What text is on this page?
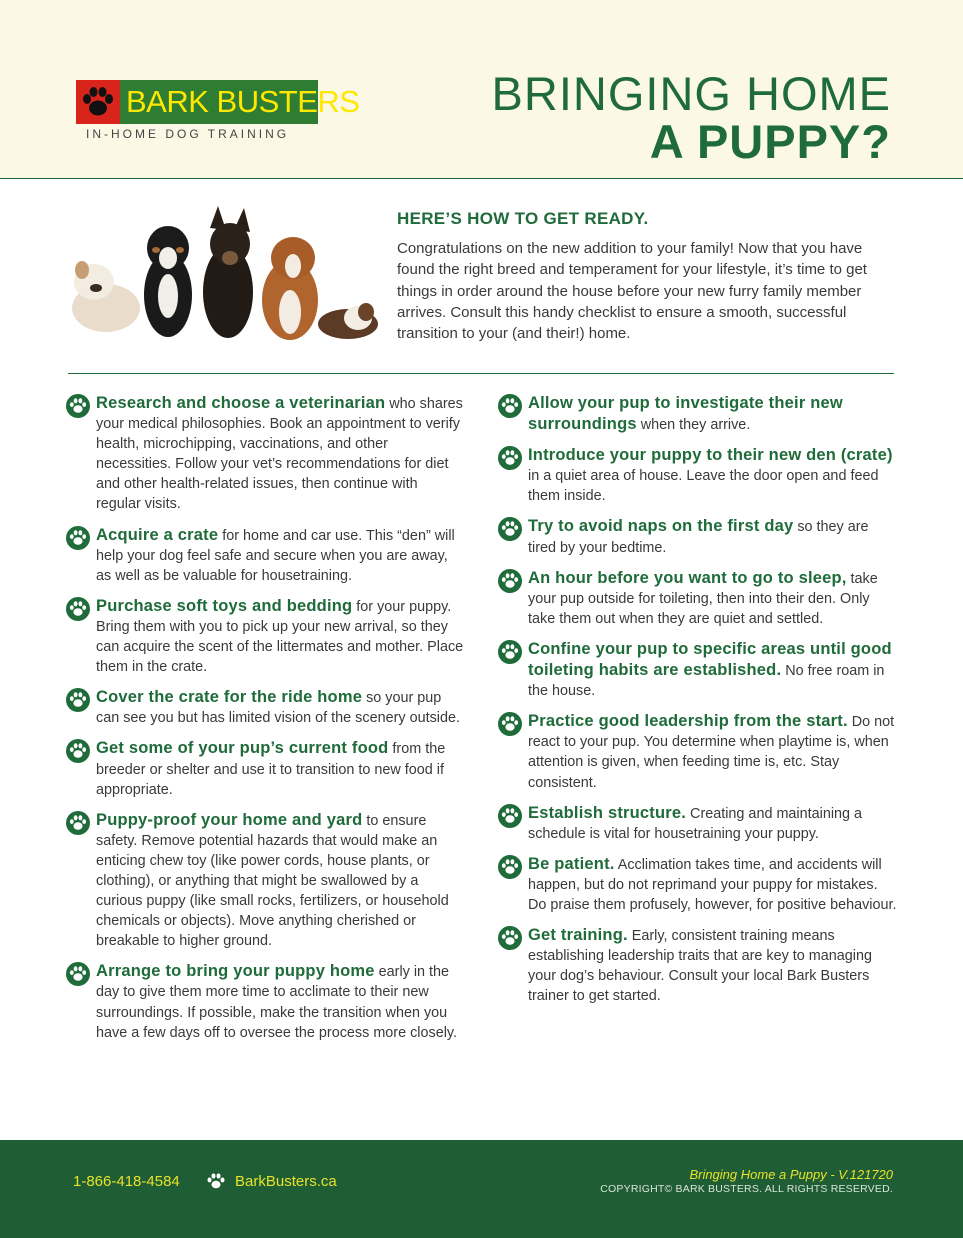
BARK BUSTERS
IN-HOME DOG TRAINING
BRINGING HOME
A PUPPY?
HERE’S HOW TO GET READY.
Congratulations on the new addition to your family! Now that you have found the right breed and temperament for your lifestyle, it’s time to get things in order around the house before your new furry family member arrives. Consult this handy checklist to ensure a smooth, successful transition to your (and their!) home.
Research and choose a veterinarian who shares your medical philosophies. Book an appointment to verify health, microchipping, vaccinations, and other necessities. Follow your vet’s recommendations for diet and other health-related issues, then continue with regular visits.
Acquire a crate for home and car use. This “den” will help your dog feel safe and secure when you are away, as well as be valuable for housetraining.
Purchase soft toys and bedding for your puppy. Bring them with you to pick up your new arrival, so they can acquire the scent of the littermates and mother. Place them in the crate.
Cover the crate for the ride home so your pup can see you but has limited vision of the scenery outside.
Get some of your pup’s current food from the breeder or shelter and use it to transition to new food if appropriate.
Puppy-proof your home and yard to ensure safety. Remove potential hazards that would make an enticing chew toy (like power cords, house plants, or clothing), or anything that might be swallowed by a curious puppy (like small rocks, fertilizers, or household chemicals or objects). Move anything cherished or breakable to higher ground.
Arrange to bring your puppy home early in the day to give them more time to acclimate to their new surroundings. If possible, make the transition when you have a few days off to oversee the process more closely.
Allow your pup to investigate their new surroundings when they arrive.
Introduce your puppy to their new den (crate) in a quiet area of house. Leave the door open and feed them inside.
Try to avoid naps on the first day so they are tired by your bedtime.
An hour before you want to go to sleep, take your pup outside for toileting, then into their den. Only take them out when they are quiet and settled.
Confine your pup to specific areas until good toileting habits are established. No free roam in the house.
Practice good leadership from the start. Do not react to your pup. You determine when playtime is, when attention is given, when feeding time is, etc. Stay consistent.
Establish structure. Creating and maintaining a schedule is vital for housetraining your puppy.
Be patient. Acclimation takes time, and accidents will happen, but do not reprimand your puppy for mistakes. Do praise them profusely, however, for positive behaviour.
Get training. Early, consistent training means establishing leadership traits that are key to managing your dog’s behaviour. Consult your local Bark Busters trainer to get started.
1-866-418-4584	BarkBusters.ca	Bringing Home a Puppy - V.121720
COPYRIGHT© BARK BUSTERS. ALL RIGHTS RESERVED.
